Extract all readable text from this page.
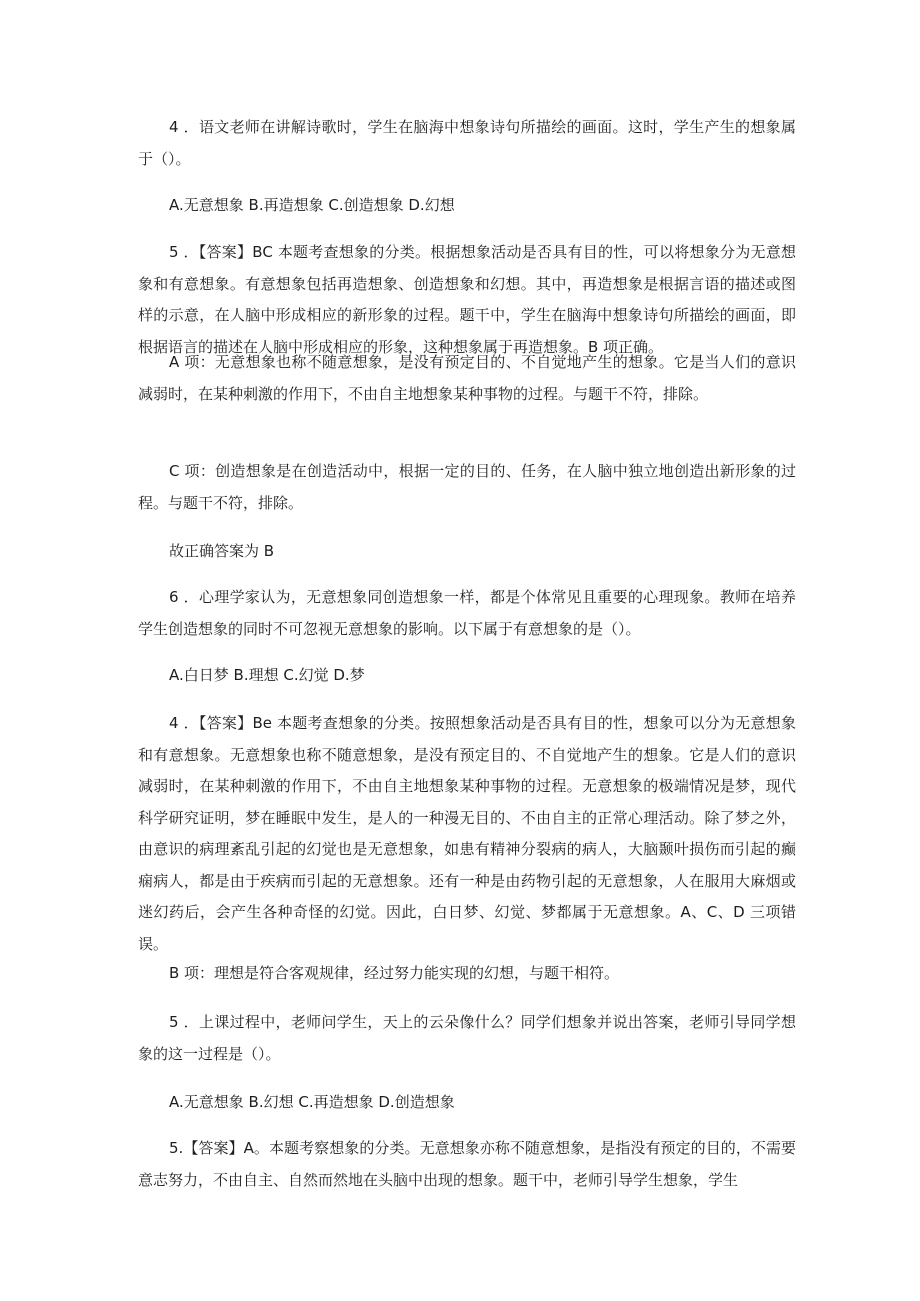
4 ．语文老师在讲解诗歌时，学生在脑海中想象诗句所描绘的画面。这时，学生产生的想象属于（）。

A.无意想象 B.再造想象 C.创造想象 D.幻想

5 ．【答案】BC 本题考查想象的分类。根据想象活动是否具有目的性，可以将想象分为无意想象和有意想象。有意想象包括再造想象、创造想象和幻想。其中，再造想象是根据言语的描述或图样的示意，在人脑中形成相应的新形象的过程。题干中，学生在脑海中想象诗句所描绘的画面，即根据语言的描述在人脑中形成相应的形象，这种想象属于再造想象。B 项正确。

A 项：无意想象也称不随意想象，是没有预定目的、不自觉地产生的想象。它是当人们的意识减弱时，在某种刺激的作用下，不由自主地想象某种事物的过程。与题干不符，排除。

C 项：创造想象是在创造活动中，根据一定的目的、任务，在人脑中独立地创造出新形象的过程。与题干不符，排除。

故正确答案为 B

6 ．心理学家认为，无意想象同创造想象一样，都是个体常见且重要的心理现象。教师在培养学生创造想象的同时不可忽视无意想象的影响。以下属于有意想象的是（）。

A.白日梦 B.理想 C.幻觉 D.梦

4 ．【答案】Be 本题考查想象的分类。按照想象活动是否具有目的性，想象可以分为无意想象和有意想象。无意想象也称不随意想象，是没有预定目的、不自觉地产生的想象。它是人们的意识减弱时，在某种刺激的作用下，不由自主地想象某种事物的过程。无意想象的极端情况是梦，现代科学研究证明，梦在睡眠中发生，是人的一种漫无目的、不由自主的正常心理活动。除了梦之外，由意识的病理紊乱引起的幻觉也是无意想象，如患有精神分裂病的病人，大脑颞叶损伤而引起的癫痫病人，都是由于疾病而引起的无意想象。还有一种是由药物引起的无意想象，人在服用大麻烟或迷幻药后，会产生各种奇怪的幻觉。因此，白日梦、幻觉、梦都属于无意想象。A、C、D 三项错误。

B 项：理想是符合客观规律，经过努力能实现的幻想，与题干相符。

5 ．上课过程中，老师问学生，天上的云朵像什么？同学们想象并说出答案，老师引导同学想象的这一过程是（）。

A.无意想象 B.幻想 C.再造想象 D.创造想象

5.【答案】A。本题考察想象的分类。无意想象亦称不随意想象，是指没有预定的目的，不需要意志努力，不由自主、自然而然地在头脑中出现的想象。题干中，老师引导学生想象，学生
